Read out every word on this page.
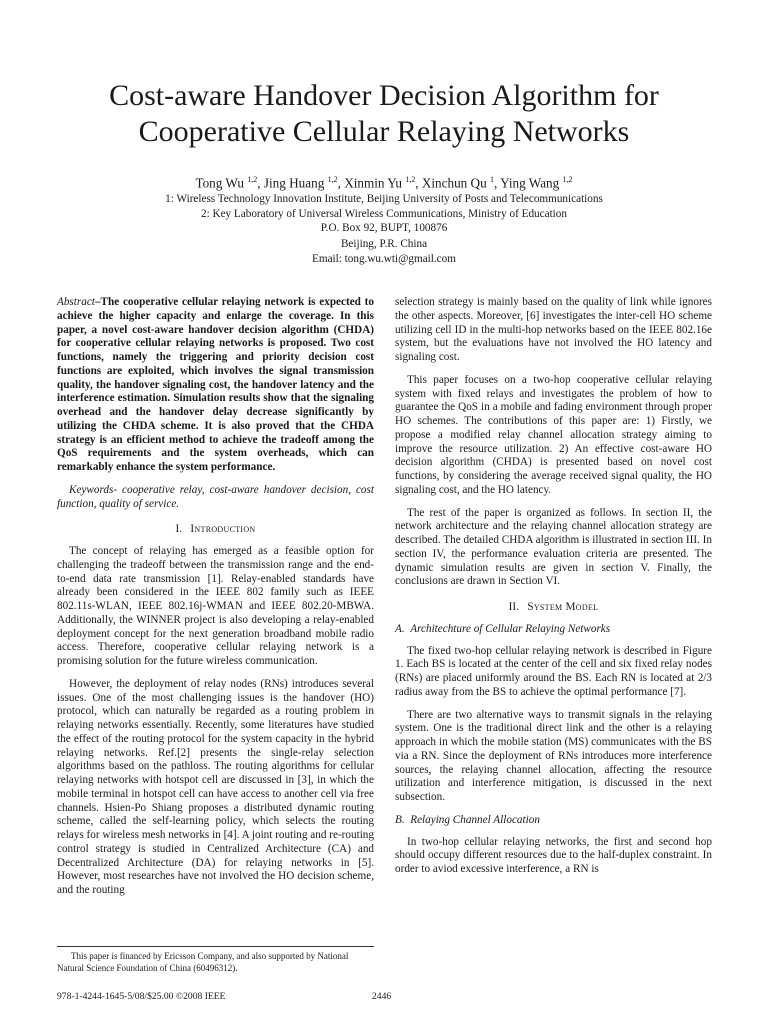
Cost-aware Handover Decision Algorithm for
Cooperative Cellular Relaying Networks
Tong Wu $^{1,2}$, Jing Huang $^{1,2}$, Xinmin Yu $^{1,2}$, Xinchun Qu $^1$, Ying Wang $^{1,2}$
1: Wireless Technology Innovation Institute, Beijing University of Posts and Telecommunications
2: Key Laboratory of Universal Wireless Communications, Ministry of Education
P.O. Box 92, BUPT, 100876
Beijing, P.R. China
Email: tong.wu.wti@gmail.com

Abstract–The cooperative cellular relaying network is expected to achieve the higher capacity and enlarge the coverage. In this paper, a novel cost-aware handover decision algorithm (CHDA) for cooperative cellular relaying networks is proposed. Two cost functions, namely the triggering and priority decision cost functions are exploited, which involves the signal transmission quality, the handover signaling cost, the handover latency and the interference estimation. Simulation results show that the signaling overhead and the handover delay decrease significantly by utilizing the CHDA scheme. It is also proved that the CHDA strategy is an efficient method to achieve the tradeoff among the QoS requirements and the system overheads, which can remarkably enhance the system performance.

Keywords- cooperative relay, cost-aware handover decision, cost function, quality of service.

I. Introduction

The concept of relaying has emerged as a feasible option for challenging the tradeoff between the transmission range and the end-to-end data rate transmission [1]. Relay-enabled standards have already been considered in the IEEE 802 family such as IEEE 802.11s-WLAN, IEEE 802.16j-WMAN and IEEE 802.20-MBWA. Additionally, the WINNER project is also developing a relay-enabled deployment concept for the next generation broadband mobile radio access. Therefore, cooperative cellular relaying network is a promising solution for the future wireless communication.

However, the deployment of relay nodes (RNs) introduces several issues. One of the most challenging issues is the handover (HO) protocol, which can naturally be regarded as a routing problem in relaying networks essentially. Recently, some literatures have studied the effect of the routing protocol for the system capacity in the hybrid relaying networks. Ref.[2] presents the single-relay selection algorithms based on the pathloss. The routing algorithms for cellular relaying networks with hotspot cell are discussed in [3], in which the mobile terminal in hotspot cell can have access to another cell via free channels. Hsien-Po Shiang proposes a distributed dynamic routing scheme, called the self-learning policy, which selects the routing relays for wireless mesh networks in [4]. A joint routing and re-routing control strategy is studied in Centralized Architecture (CA) and Decentralized Architecture (DA) for relaying networks in [5]. However, most researches have not involved the HO decision scheme, and the routing

selection strategy is mainly based on the quality of link while ignores the other aspects. Moreover, [6] investigates the inter-cell HO scheme utilizing cell ID in the multi-hop networks based on the IEEE 802.16e system, but the evaluations have not involved the HO latency and signaling cost.

This paper focuses on a two-hop cooperative cellular relaying system with fixed relays and investigates the problem of how to guarantee the QoS in a mobile and fading environment through proper HO schemes. The contributions of this paper are: 1) Firstly, we propose a modified relay channel allocation strategy aiming to improve the resource utilization. 2) An effective cost-aware HO decision algorithm (CHDA) is presented based on novel cost functions, by considering the average received signal quality, the HO signaling cost, and the HO latency.

The rest of the paper is organized as follows. In section II, the network architecture and the relaying channel allocation strategy are described. The detailed CHDA algorithm is illustrated in section III. In section IV, the performance evaluation criteria are presented. The dynamic simulation results are given in section V. Finally, the conclusions are drawn in Section VI.

II. System Model
A. Architechture of Cellular Relaying Networks

The fixed two-hop cellular relaying network is described in Figure 1. Each BS is located at the center of the cell and six fixed relay nodes (RNs) are placed uniformly around the BS. Each RN is located at 2/3 radius away from the BS to achieve the optimal performance [7].

There are two alternative ways to transmit signals in the relaying system. One is the traditional direct link and the other is a relaying approach in which the mobile station (MS) communicates with the BS via a RN. Since the deployment of RNs introduces more interference sources, the relaying channel allocation, affecting the resource utilization and interference mitigation, is discussed in the next subsection.

B. Relaying Channel Allocation

In two-hop cellular relaying networks, the first and second hop should occupy different resources due to the half-duplex constraint. In order to aviod excessive interference, a RN is

This paper is financed by Ericsson Company, and also supported by National Natural Science Foundation of China (60496312).
978-1-4244-1645-5/08/$25.00 ©2008 IEEE	2446
